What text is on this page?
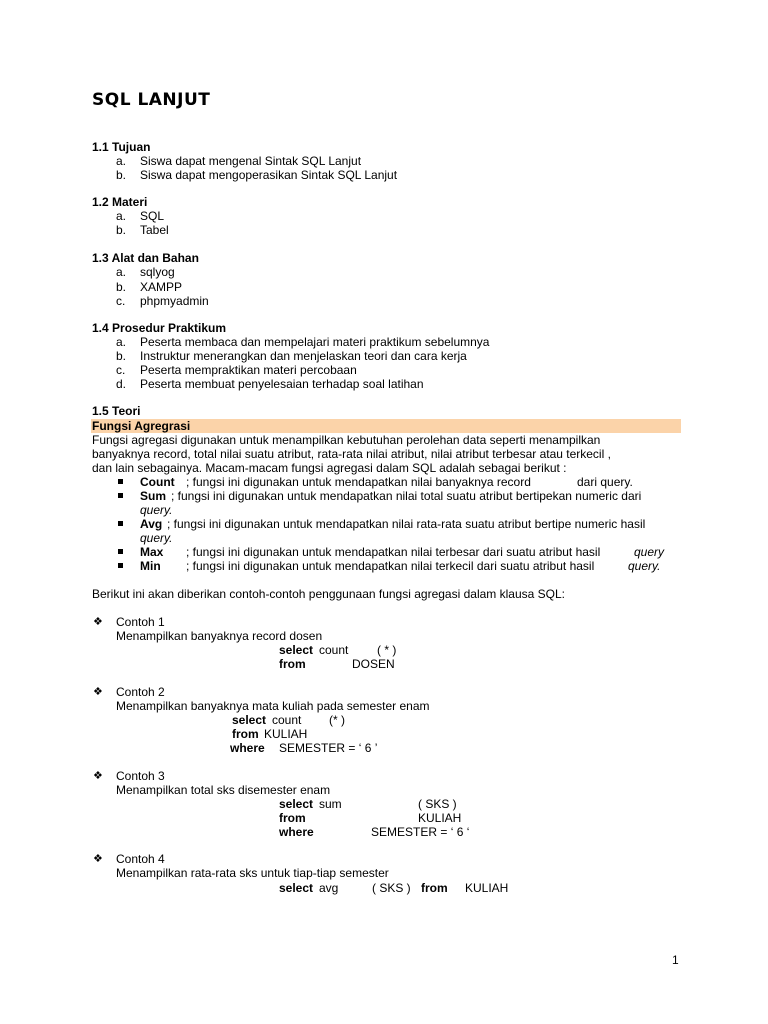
SQL LANJUT
1.1 Tujuan
a. Siswa dapat mengenal Sintak SQL Lanjut
b. Siswa dapat mengoperasikan Sintak SQL Lanjut
1.2 Materi
a. SQL
b. Tabel
1.3 Alat dan Bahan
a. sqlyog
b. XAMPP
c. phpmyadmin
1.4 Prosedur Praktikum
a. Peserta membaca dan mempelajari materi praktikum sebelumnya
b. Instruktur menerangkan dan menjelaskan teori dan cara kerja
c. Peserta mempraktikan materi percobaan
d. Peserta membuat penyelesaian terhadap soal latihan
1.5 Teori
Fungsi Agregrasi
Fungsi agregasi digunakan untuk menampilkan kebutuhan perolehan data seperti menampilkan
banyaknya record, total nilai suatu atribut, rata-rata nilai atribut, nilai atribut terbesar atau terkecil ,
dan lain sebagainya. Macam-macam fungsi agregasi dalam SQL adalah sebagai berikut :
Count ; fungsi ini digunakan untuk mendapatkan nilai banyaknya record	dari query.
Sum ; fungsi ini digunakan untuk mendapatkan nilai total suatu atribut bertipekan numeric dari
query.
Avg ; fungsi ini digunakan untuk mendapatkan nilai rata-rata suatu atribut bertipe numeric hasil
query.
Max ; fungsi ini digunakan untuk mendapatkan nilai terbesar dari suatu atribut hasil	query
Min ; fungsi ini digunakan untuk mendapatkan nilai terkecil dari suatu atribut hasil	query.
Berikut ini akan diberikan contoh-contoh penggunaan fungsi agregasi dalam klausa SQL:
❖ Contoh 1
Menampilkan banyaknya record dosen
select count ( * )
from	DOSEN
❖ Contoh 2
Menampilkan banyaknya mata kuliah pada semester enam
select count (* )
from KULIAH
where SEMESTER = ‘ 6 ’
❖ Contoh 3
Menampilkan total sks disemester enam
select sum	( SKS )
from	KULIAH
where	SEMESTER = ‘ 6 ‘
❖ Contoh 4
Menampilkan rata-rata sks untuk tiap-tiap semester
select avg	( SKS ) from KULIAH
1
